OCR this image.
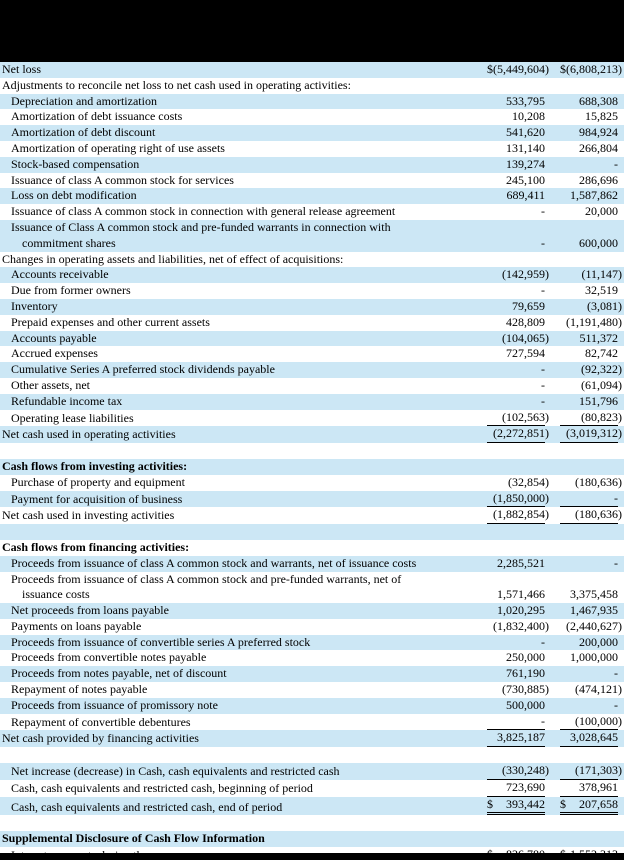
Net loss	$(5,449,604) $(6,808,213)
Adjustments to reconcile net loss to net cash used in operating activities:
Depreciation and amortization	533,795	688,308
Amortization of debt issuance costs	10,208	15,825
Amortization of debt discount	541,620	984,924
Amortization of operating right of use assets	131,140	266,804
Stock-based compensation	139,274	-
Issuance of class A common stock for services	245,100	286,696
Loss on debt modification	689,411 1,587,862
Issuance of class A common stock in connection with general release agreement	-	20,000
Issuance of Class A common stock and pre-funded warrants in connection with
commitment shares	-	600,000
Changes in operating assets and liabilities, net of effect of acquisitions:
Accounts receivable	(142,959)	(11,147)
Due from former owners	-	32,519
Inventory	79,659	(3,081)
Prepaid expenses and other current assets	428,809 (1,191,480)
Accounts payable	(104,065)	511,372
Accrued expenses	727,594	82,742
Cumulative Series A preferred stock dividends payable	-	(92,322)
Other assets, net	-	(61,094)
Refundable income tax	-	151,796
Operating lease liabilities	(102,563)	(80,823)
Net cash used in operating activities	(2,272,851) (3,019,312)
Cash flows from investing activities:
Purchase of property and equipment	(32,854) (180,636)
Payment for acquisition of business	(1,850,000)	-
Net cash used in investing activities	(1,882,854) (180,636)
Cash flows from financing activities:
Proceeds from issuance of class A common stock and warrants, net of issuance costs	2,285,521	-
Proceeds from issuance of class A common stock and pre-funded warrants, net of
issuance costs	1,571,466 3,375,458
Net proceeds from loans payable	1,020,295 1,467,935
Payments on loans payable	(1,832,400) (2,440,627)
Proceeds from issuance of convertible series A preferred stock	-	200,000
Proceeds from convertible notes payable	250,000 1,000,000
Proceeds from notes payable, net of discount	761,190	-
Repayment of notes payable	(730,885) (474,121)
Proceeds from issuance of promissory note	500,000	-
Repayment of convertible debentures	-	(100,000)
Net cash provided by financing activities	3,825,187 3,028,645
Net increase (decrease) in Cash, cash equivalents and restricted cash	(330,248) (171,303)
Cash, cash equivalents and restricted cash, beginning of period	723,690	378,961
Cash, cash equivalents and restricted cash, end of period	$ 393,442 $ 207,658
Supplemental Disclosure of Cash Flow Information
